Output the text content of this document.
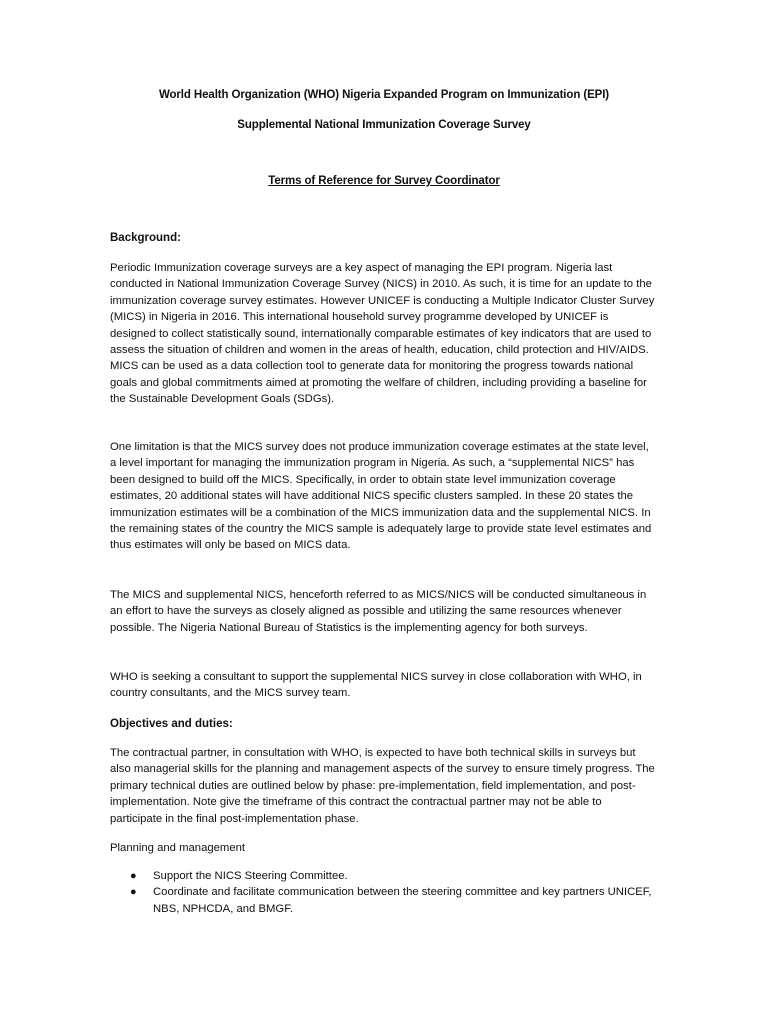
World Health Organization (WHO) Nigeria Expanded Program on Immunization (EPI)
Supplemental National Immunization Coverage Survey
Terms of Reference for Survey Coordinator
Background:
Periodic Immunization coverage surveys are a key aspect of managing the EPI program. Nigeria last conducted in National Immunization Coverage Survey (NICS) in 2010. As such, it is time for an update to the immunization coverage survey estimates. However UNICEF is conducting a Multiple Indicator Cluster Survey (MICS) in Nigeria in 2016. This international household survey programme developed by UNICEF is designed to collect statistically sound, internationally comparable estimates of key indicators that are used to assess the situation of children and women in the areas of health, education, child protection and HIV/AIDS. MICS can be used as a data collection tool to generate data for monitoring the progress towards national goals and global commitments aimed at promoting the welfare of children, including providing a baseline for the Sustainable Development Goals (SDGs).
One limitation is that the MICS survey does not produce immunization coverage estimates at the state level, a level important for managing the immunization program in Nigeria. As such, a “supplemental NICS” has been designed to build off the MICS. Specifically, in order to obtain state level immunization coverage estimates, 20 additional states will have additional NICS specific clusters sampled. In these 20 states the immunization estimates will be a combination of the MICS immunization data and the supplemental NICS. In the remaining states of the country the MICS sample is adequately large to provide state level estimates and thus estimates will only be based on MICS data.
The MICS and supplemental NICS, henceforth referred to as MICS/NICS will be conducted simultaneous in an effort to have the surveys as closely aligned as possible and utilizing the same resources whenever possible. The Nigeria National Bureau of Statistics is the implementing agency for both surveys.
WHO is seeking a consultant to support the supplemental NICS survey in close collaboration with WHO, in country consultants, and the MICS survey team.
Objectives and duties:
The contractual partner, in consultation with WHO, is expected to have both technical skills in surveys but also managerial skills for the planning and management aspects of the survey to ensure timely progress. The primary technical duties are outlined below by phase: pre-implementation, field implementation, and post-implementation. Note give the timeframe of this contract the contractual partner may not be able to participate in the final post-implementation phase.
Planning and management
● Support the NICS Steering Committee.
● Coordinate and facilitate communication between the steering committee and key partners UNICEF, NBS, NPHCDA, and BMGF.
